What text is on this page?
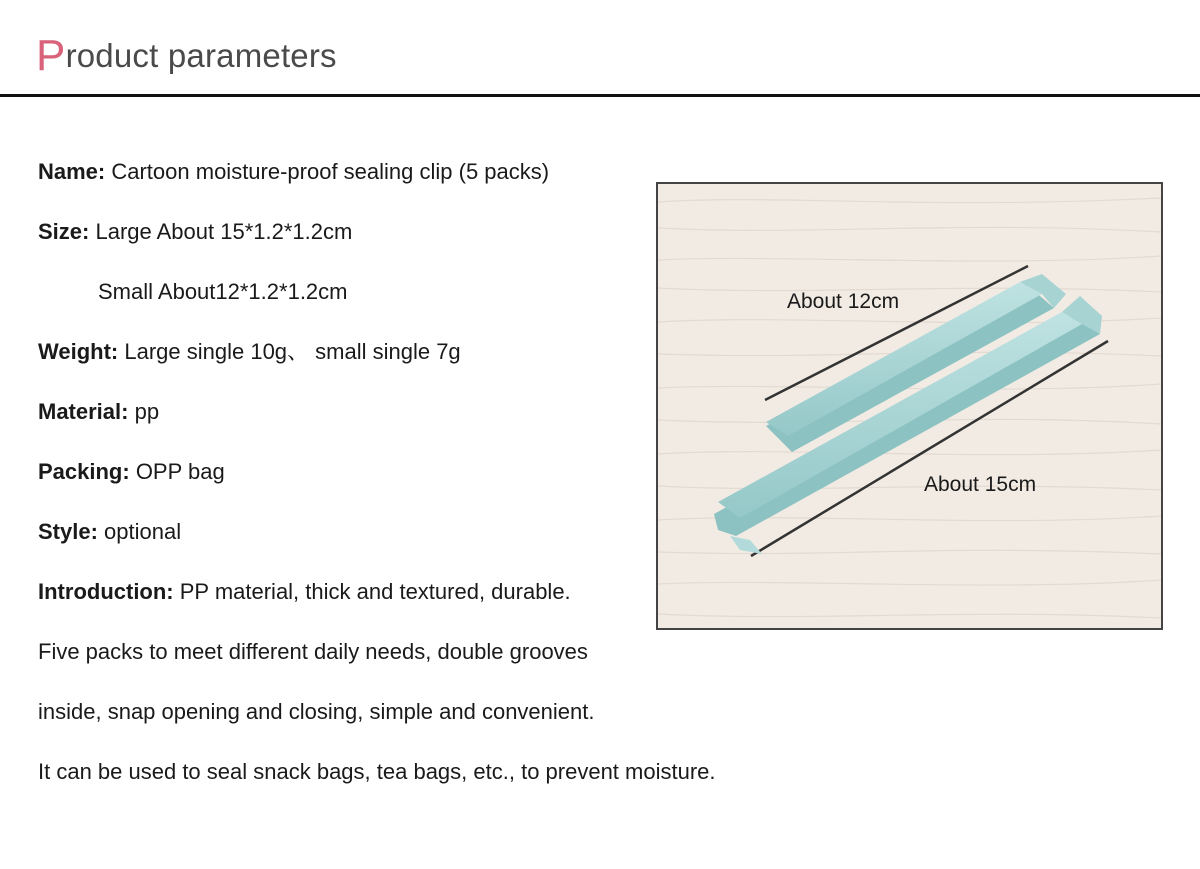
Product parameters
Name: Cartoon moisture-proof sealing clip (5 packs)
Size: Large About 15*1.2*1.2cm
Small About12*1.2*1.2cm
Weight: Large single 10g、 small single 7g
Material: pp
Packing: OPP bag
Style: optional
Introduction: PP material, thick and textured, durable.
Five packs to meet different daily needs, double grooves
inside, snap opening and closing, simple and convenient.
It can be used to seal snack bags, tea bags, etc., to prevent moisture.
About 12cm
About 15cm
